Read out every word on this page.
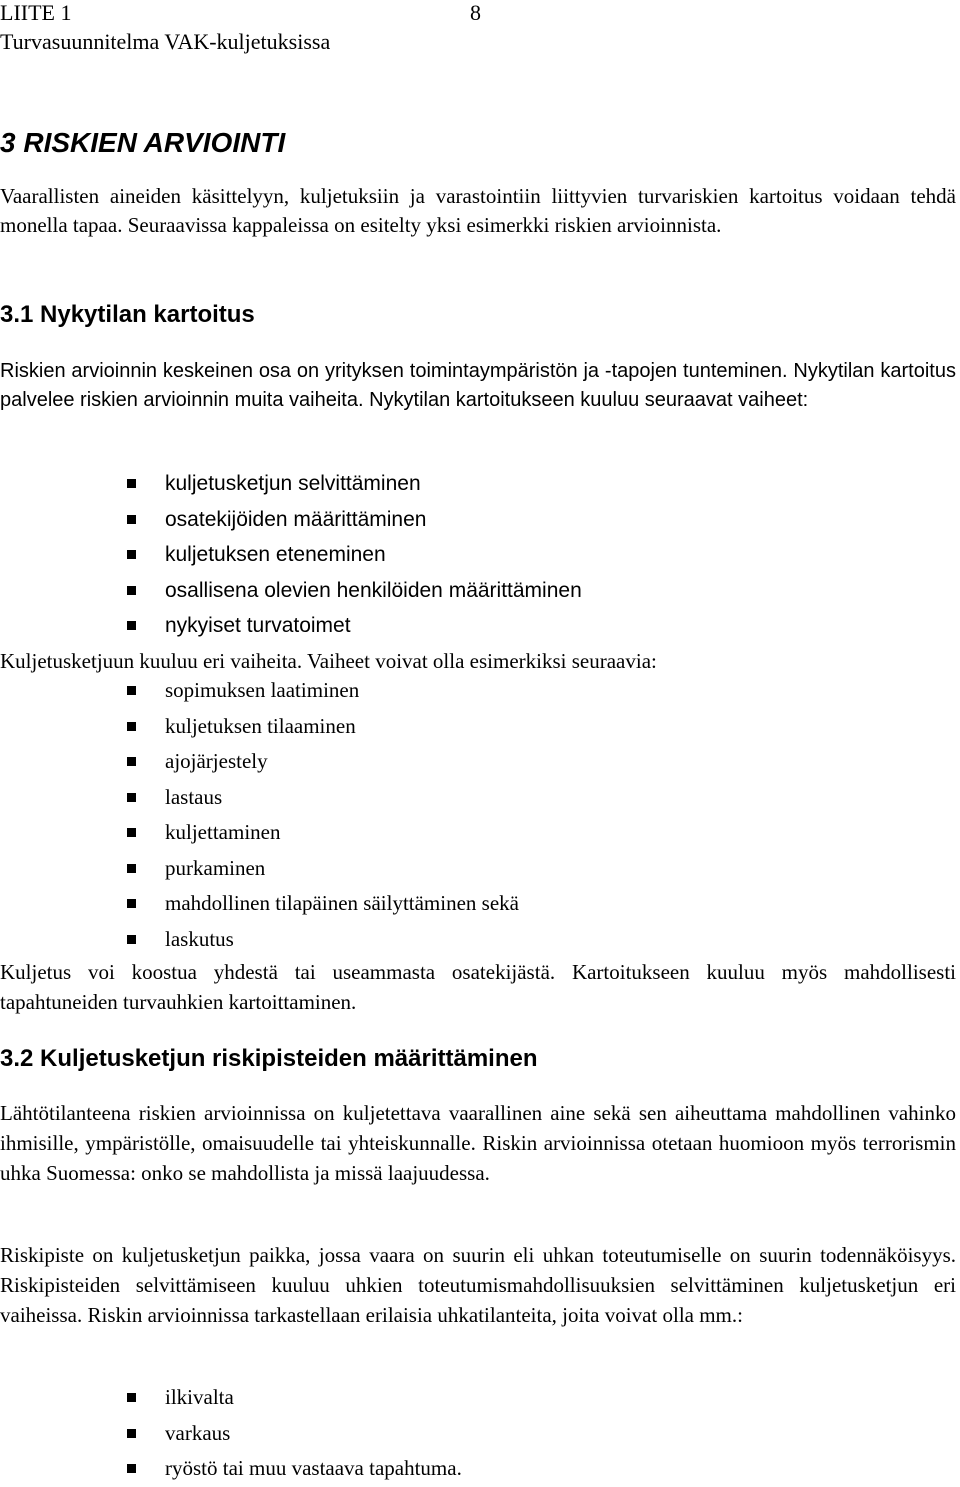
LIITE 1	8
Turvasuunnitelma VAK-kuljetuksissa
3 RISKIEN ARVIOINTI

Vaarallisten aineiden käsittelyyn, kuljetuksiin ja varastointiin liittyvien turvariskien kartoitus voidaan tehdä monella tapaa. Seuraavissa kappaleissa on esitelty yksi esimerkki riskien arvioinnista.

3.1 Nykytilan kartoitus

Riskien arvioinnin keskeinen osa on yrityksen toimintaympäristön ja -tapojen tunteminen. Nykytilan kartoitus palvelee riskien arvioinnin muita vaiheita. Nykytilan kartoitukseen kuuluu seuraavat vaiheet:

kuljetusketjun selvittäminen
osatekijöiden määrittäminen
kuljetuksen eteneminen
osallisena olevien henkilöiden määrittäminen
nykyiset turvatoimet

Kuljetusketjuun kuuluu eri vaiheita. Vaiheet voivat olla esimerkiksi seuraavia:

sopimuksen laatiminen
kuljetuksen tilaaminen
ajojärjestely
lastaus
kuljettaminen
purkaminen
mahdollinen tilapäinen säilyttäminen sekä
laskutus

Kuljetus voi koostua yhdestä tai useammasta osatekijästä. Kartoitukseen kuuluu myös mahdollisesti tapahtuneiden turvauhkien kartoittaminen.

3.2 Kuljetusketjun riskipisteiden määrittäminen

Lähtötilanteena riskien arvioinnissa on kuljetettava vaarallinen aine sekä sen aiheuttama mahdollinen vahinko ihmisille, ympäristölle, omaisuudelle tai yhteiskunnalle. Riskin arvioinnissa otetaan huomioon myös terrorismin uhka Suomessa: onko se mahdollista ja missä laajuudessa.

Riskipiste on kuljetusketjun paikka, jossa vaara on suurin eli uhkan toteutumiselle on suurin todennäköisyys. Riskipisteiden selvittämiseen kuuluu uhkien toteutumismahdollisuuksien selvittäminen kuljetusketjun eri vaiheissa. Riskin arvioinnissa tarkastellaan erilaisia uhkatilanteita, joita voivat olla mm.:

ilkivalta
varkaus
ryöstö tai muu vastaava tapahtuma.
